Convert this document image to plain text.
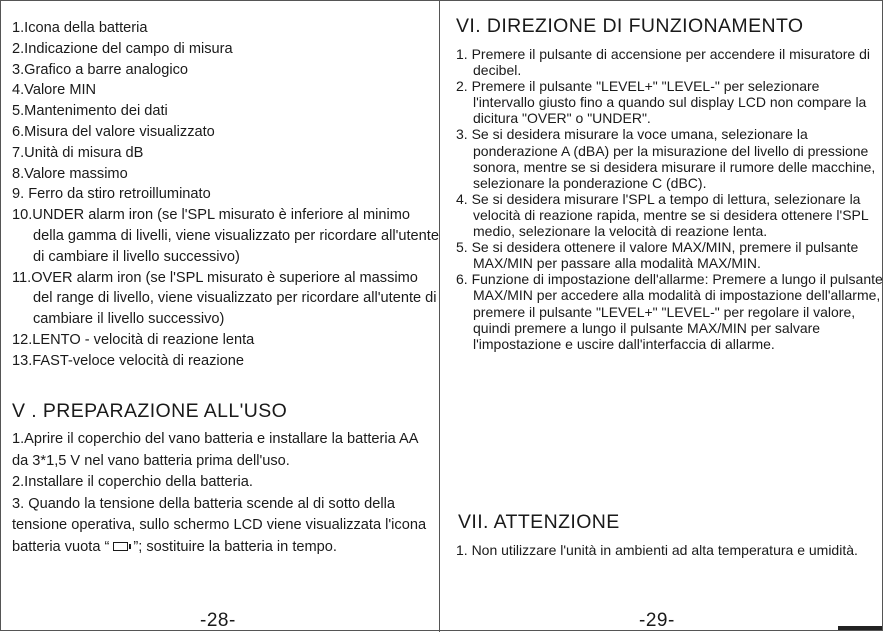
1.Icona della batteria
2.Indicazione del campo di misura
3.Grafico a barre analogico
4.Valore MIN
5.Mantenimento dei dati
6.Misura del valore visualizzato
7.Unità di misura dB
8.Valore massimo
9. Ferro da stiro retroilluminato
10.UNDER alarm iron (se l'SPL misurato è inferiore al minimo della gamma di livelli, viene visualizzato per ricordare all'utente di cambiare il livello successivo)
11.OVER alarm iron (se l'SPL misurato è superiore al massimo del range di livello, viene visualizzato per ricordare all'utente di cambiare il livello successivo)
12.LENTO - velocità di reazione lenta
13.FAST-veloce velocità di reazione
V . PREPARAZIONE ALL'USO

1.Aprire il coperchio del vano batteria e installare la batteria AA da 3*1,5 V nel vano batteria prima dell'uso.

2.Installare il coperchio della batteria.

3. Quando la tensione della batteria scende al di sotto della tensione operativa, sullo schermo LCD viene visualizzata l'icona batteria vuota “ ”; sostituire la batteria in tempo.

-28-
VI. DIREZIONE DI FUNZIONAMENTO
1. Premere il pulsante di accensione per accendere il misuratore di decibel.
2. Premere il pulsante "LEVEL+" "LEVEL-" per selezionare l'intervallo giusto fino a quando sul display LCD non compare la dicitura "OVER" o "UNDER".
3. Se si desidera misurare la voce umana, selezionare la ponderazione A (dBA) per la misurazione del livello di pressione sonora, mentre se si desidera misurare il rumore delle macchine, selezionare la ponderazione C (dBC).
4. Se si desidera misurare l'SPL a tempo di lettura, selezionare la velocità di reazione rapida, mentre se si desidera ottenere l'SPL medio, selezionare la velocità di reazione lenta.
5. Se si desidera ottenere il valore MAX/MIN, premere il pulsante MAX/MIN per passare alla modalità MAX/MIN.
6. Funzione di impostazione dell'allarme: Premere a lungo il pulsante MAX/MIN per accedere alla modalità di impostazione dell'allarme, premere il pulsante "LEVEL+" "LEVEL-" per regolare il valore, quindi premere a lungo il pulsante MAX/MIN per salvare l'impostazione e uscire dall'interfaccia di allarme.
VII. ATTENZIONE
1. Non utilizzare l'unità in ambienti ad alta temperatura e umidità.
-29-
